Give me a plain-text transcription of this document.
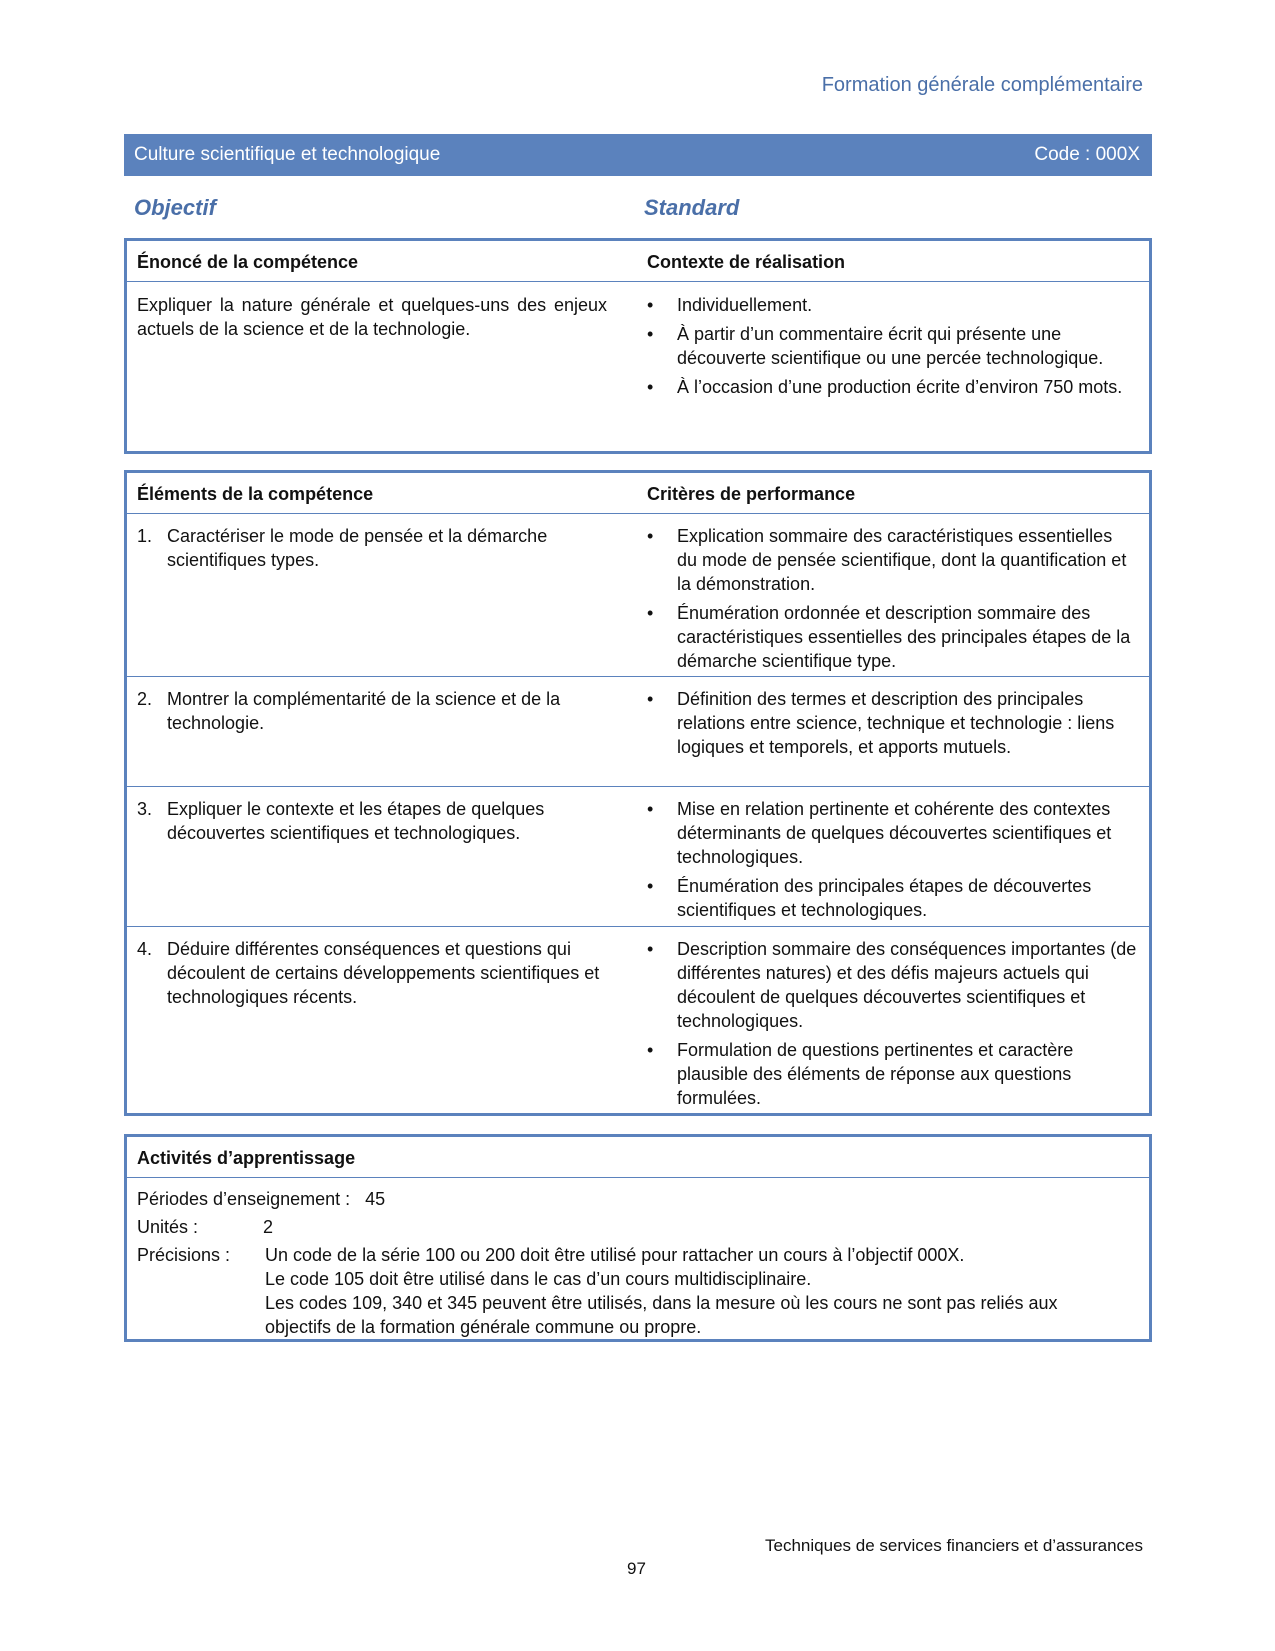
Formation générale complémentaire
Culture scientifique et technologique	Code : 000X
Objectif	Standard
Énoncé de la compétence	Contexte de réalisation
Expliquer la nature générale et quelques-uns des enjeux actuels de la science et de la technologie.
• Individuellement.
• À partir d’un commentaire écrit qui présente une découverte scientifique ou une percée technologique.
• À l’occasion d’une production écrite d’environ 750 mots.
Éléments de la compétence	Critères de performance
1. Caractériser le mode de pensée et la démarche scientifiques types.
• Explication sommaire des caractéristiques essentielles du mode de pensée scientifique, dont la quantification et la démonstration.
• Énumération ordonnée et description sommaire des caractéristiques essentielles des principales étapes de la démarche scientifique type.
2. Montrer la complémentarité de la science et de la technologie.
• Définition des termes et description des principales relations entre science, technique et technologie : liens logiques et temporels, et apports mutuels.
3. Expliquer le contexte et les étapes de quelques découvertes scientifiques et technologiques.
• Mise en relation pertinente et cohérente des contextes déterminants de quelques découvertes scientifiques et technologiques.
• Énumération des principales étapes de découvertes scientifiques et technologiques.
4. Déduire différentes conséquences et questions qui découlent de certains développements scientifiques et technologiques récents.
• Description sommaire des conséquences importantes (de différentes natures) et des défis majeurs actuels qui découlent de quelques découvertes scientifiques et technologiques.
• Formulation de questions pertinentes et caractère plausible des éléments de réponse aux questions formulées.
Activités d’apprentissage
Périodes d’enseignement : 45
Unités :	2
Précisions : Un code de la série 100 ou 200 doit être utilisé pour rattacher un cours à l’objectif 000X.
Le code 105 doit être utilisé dans le cas d’un cours multidisciplinaire.
Les codes 109, 340 et 345 peuvent être utilisés, dans la mesure où les cours ne sont pas reliés aux objectifs de la formation générale commune ou propre.
Techniques de services financiers et d’assurances
97
